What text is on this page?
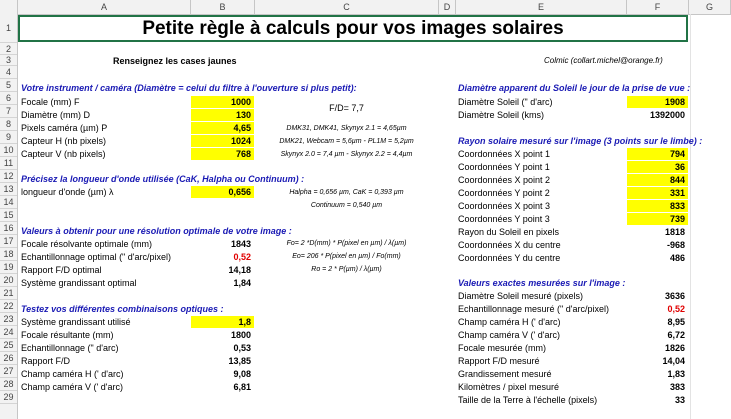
A	B	C	D	E	F	G
1
2
3
4
5
6
7
8
9
10
11
12
13
14
15
16
17
18
19
20
21
22
23
24
25
26
27
28
29
Petite règle à calculs pour vos images solaires
Renseignez les cases jaunes	Colmic (collart.michel@orange.fr)
Votre instrument / caméra (Diamètre = celui du filtre à l'ouverture si plus petit):
Focale (mm) F	1000
Diamètre (mm) D	130
Pixels caméra (µm) P	4,65
Capteur H (nb pixels)	1024
Capteur V (nb pixels)	768
F/D= 7,7
DMK31, DMK41, Skynyx 2.1 = 4,65µm
DMK21, Webcam = 5,6µm - PL1M = 5,2µm
Skynyx 2.0 = 7,4 µm - Skynyx 2.2 = 4,4µm
Précisez la longueur d'onde utilisée (CaK, Halpha ou Continuum) :
longueur d'onde (µm) λ	0,656	Halpha = 0,656 µm, CaK = 0,393 µm
Continuum = 0,540 µm
Valeurs à obtenir pour une résolution optimale de votre image :
Focale résolvante optimale (mm)	1843
Echantillonnage optimal (" d'arc/pixel)	0,52
Rapport F/D optimal	14,18
Système grandissant optimal	1,84
Fo= 2 *D(mm) * P(pixel en µm) / λ(µm)
Eo= 206 * P(pixel en µm) / Fo(mm)
Ro = 2 * P(µm) / λ(µm)
Testez vos différentes combinaisons optiques :
Système grandissant utilisé	1,8
Focale résultante (mm)	1800
Echantillonnage (" d'arc)	0,53
Rapport F/D	13,85
Champ caméra H (' d'arc)	9,08
Champ caméra V (' d'arc)	6,81
Diamètre apparent du Soleil le jour de la prise de vue :
Diamètre Soleil (" d'arc)	1908
Diamètre Soleil (kms)	1392000
Rayon solaire mesuré sur l'image (3 points sur le limbe) :
Coordonnées X point 1	794
Coordonnées Y point 1	36
Coordonnées X point 2	844
Coordonnées Y point 2	331
Coordonnées X point 3	833
Coordonnées Y point 3	739
Rayon du Soleil en pixels	1818
Coordonnées X du centre	-968
Coordonnées Y du centre	486
Valeurs exactes mesurées sur l'image :
Diamètre Soleil mesuré (pixels)	3636
Echantillonnage mesuré (" d'arc/pixel)	0,52
Champ caméra H (' d'arc)	8,95
Champ caméra V (' d'arc)	6,72
Focale mesurée (mm)	1826
Rapport F/D mesuré	14,04
Grandissement mesuré	1,83
Kilomètres / pixel mesuré	383
Taille de la Terre à l'échelle (pixels)	33
